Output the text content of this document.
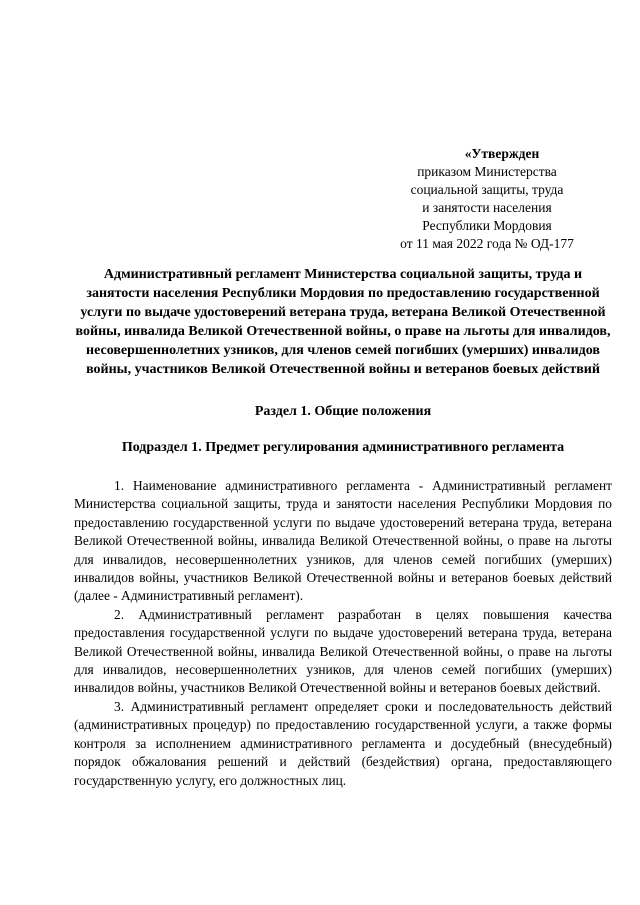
«Утвержден
приказом Министерства
социальной защиты, труда
и занятости населения
Республики Мордовия
от 11 мая 2022 года № ОД-177
Административный регламент Министерства социальной защиты, труда и занятости населения Республики Мордовия по предоставлению государственной услуги по выдаче удостоверений ветерана труда, ветерана Великой Отечественной войны, инвалида Великой Отечественной войны, о праве на льготы для инвалидов, несовершеннолетних узников, для членов семей погибших (умерших) инвалидов войны, участников Великой Отечественной войны и ветеранов боевых действий
Раздел 1. Общие положения
Подраздел 1. Предмет регулирования административного регламента

1. Наименование административного регламента - Административный регламент Министерства социальной защиты, труда и занятости населения Республики Мордовия по предоставлению государственной услуги по выдаче удостоверений ветерана труда, ветерана Великой Отечественной войны, инвалида Великой Отечественной войны, о праве на льготы для инвалидов, несовершеннолетних узников, для членов семей погибших (умерших) инвалидов войны, участников Великой Отечественной войны и ветеранов боевых действий (далее - Административный регламент).

2. Административный регламент разработан в целях повышения качества предоставления государственной услуги по выдаче удостоверений ветерана труда, ветерана Великой Отечественной войны, инвалида Великой Отечественной войны, о праве на льготы для инвалидов, несовершеннолетних узников, для членов семей погибших (умерших) инвалидов войны, участников Великой Отечественной войны и ветеранов боевых действий.

3. Административный регламент определяет сроки и последовательность действий (административных процедур) по предоставлению государственной услуги, а также формы контроля за исполнением административного регламента и досудебный (внесудебный) порядок обжалования решений и действий (бездействия) органа, предоставляющего государственную услугу, его должностных лиц.
